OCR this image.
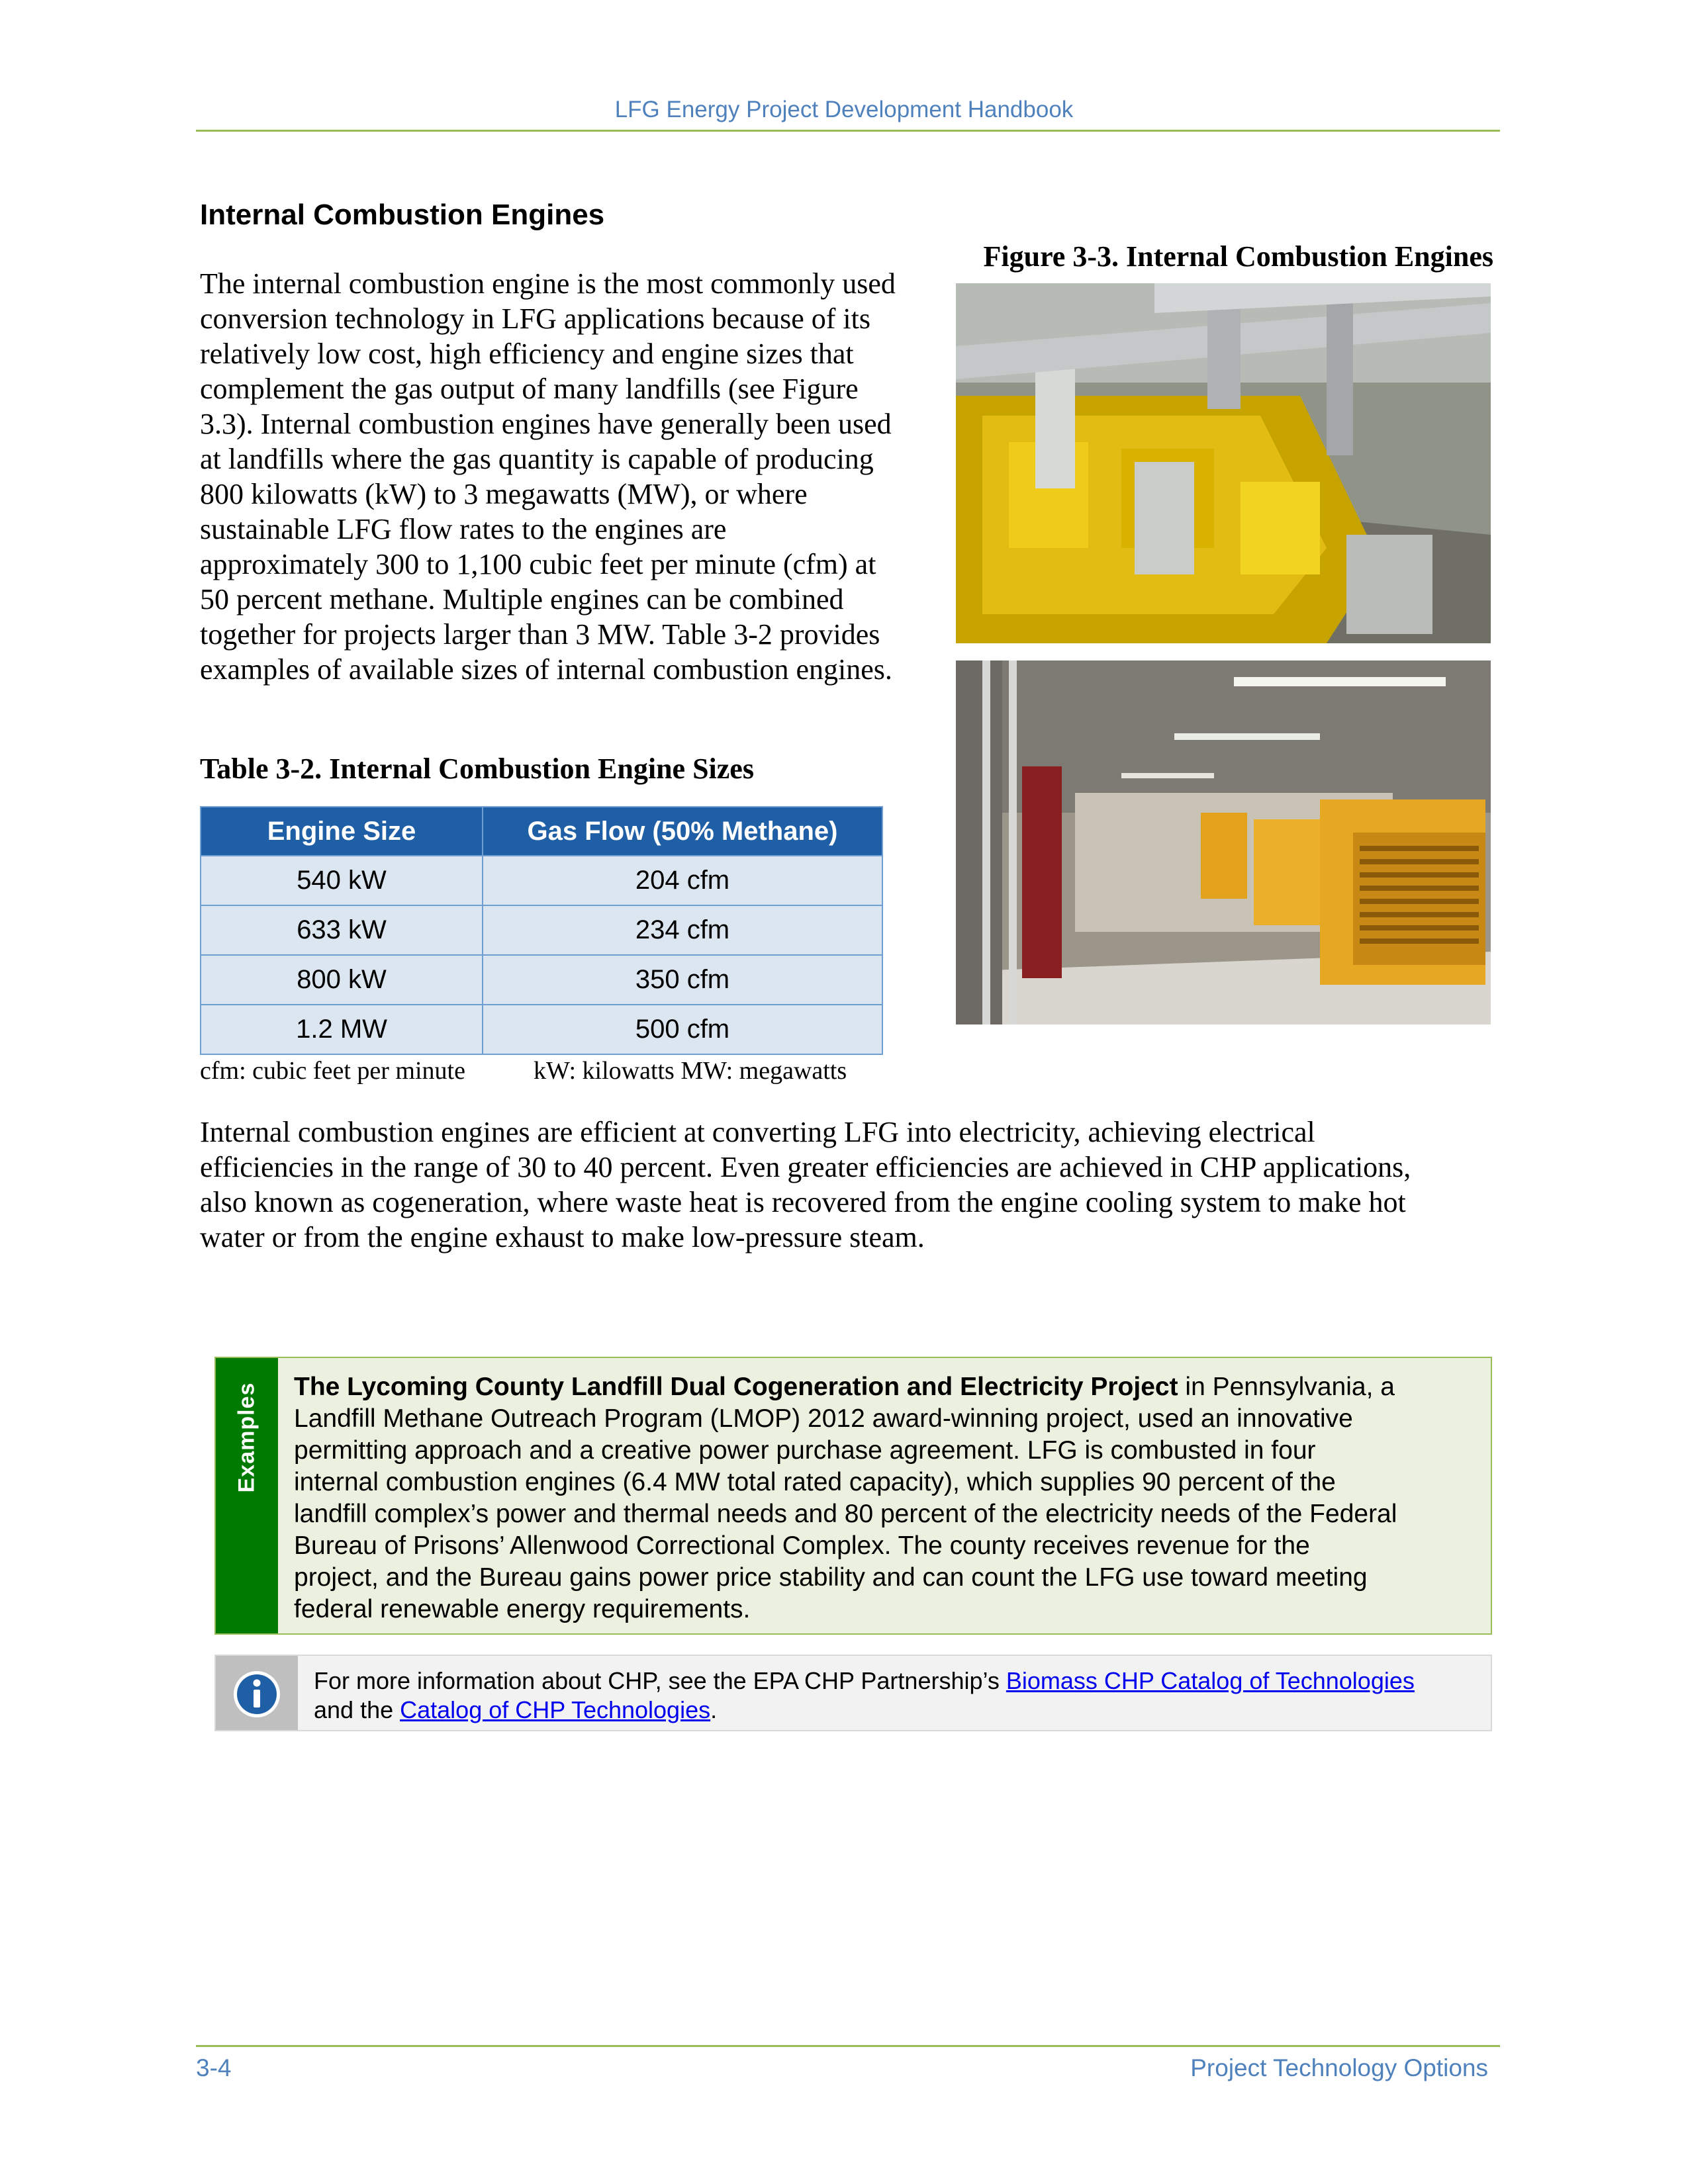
LFG Energy Project Development Handbook
Internal Combustion Engines
The internal combustion engine is the most commonly used
conversion technology in LFG applications because of its
relatively low cost, high efficiency and engine sizes that
complement the gas output of many landfills (see Figure
3.3). Internal combustion engines have generally been used
at landfills where the gas quantity is capable of producing
800 kilowatts (kW) to 3 megawatts (MW), or where
sustainable LFG flow rates to the engines are
approximately 300 to 1,100 cubic feet per minute (cfm) at
50 percent methane. Multiple engines can be combined
together for projects larger than 3 MW. Table 3-2 provides
examples of available sizes of internal combustion engines.
Figure 3-3. Internal Combustion Engines
Table 3-2. Internal Combustion Engine Sizes
Engine Size	Gas Flow (50% Methane)
540 kW	204 cfm
633 kW	234 cfm
800 kW	350 cfm
1.2 MW	500 cfm
cfm: cubic feet per minute	kW: kilowatts MW: megawatts
Internal combustion engines are efficient at converting LFG into electricity, achieving electrical
efficiencies in the range of 30 to 40 percent. Even greater efficiencies are achieved in CHP applications,
also known as cogeneration, where waste heat is recovered from the engine cooling system to make hot
water or from the engine exhaust to make low-pressure steam.
Examples The Lycoming County Landfill Dual Cogeneration and Electricity Project in Pennsylvania, a
Landfill Methane Outreach Program (LMOP) 2012 award-winning project, used an innovative
permitting approach and a creative power purchase agreement. LFG is combusted in four
internal combustion engines (6.4 MW total rated capacity), which supplies 90 percent of the
landfill complex’s power and thermal needs and 80 percent of the electricity needs of the Federal
Bureau of Prisons’ Allenwood Correctional Complex. The county receives revenue for the
project, and the Bureau gains power price stability and can count the LFG use toward meeting
federal renewable energy requirements.
For more information about CHP, see the EPA CHP Partnership’s Biomass CHP Catalog of Technologies
and the Catalog of CHP Technologies.
3-4	Project Technology Options
